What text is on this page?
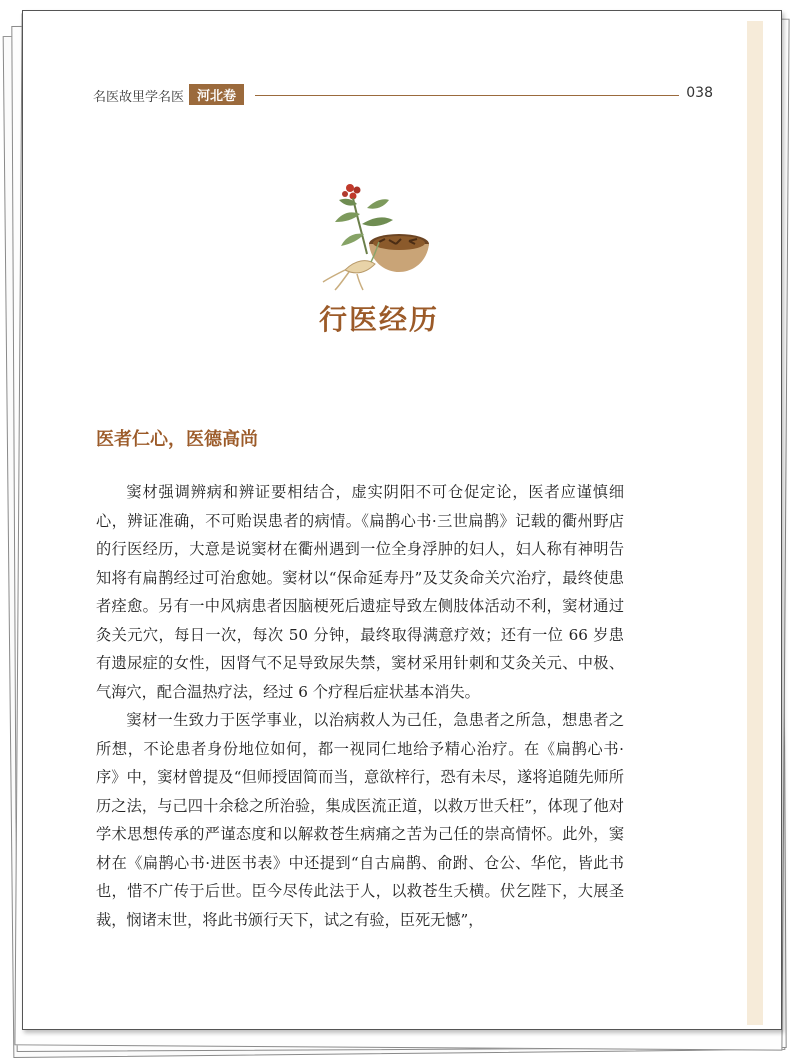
名医故里学名医 河北卷	038
行医经历
医者仁心，医德高尚

窦材强调辨病和辨证要相结合，虚实阴阳不可仓促定论，医者应谨慎细心，辨证准确，不可贻误患者的病情。《扁鹊心书·三世扁鹊》记载的衢州野店的行医经历，大意是说窦材在衢州遇到一位全身浮肿的妇人，妇人称有神明告知将有扁鹊经过可治愈她。窦材以“保命延寿丹”及艾灸命关穴治疗，最终使患者痊愈。另有一中风病患者因脑梗死后遗症导致左侧肢体活动不利，窦材通过灸关元穴，每日一次，每次 50 分钟，最终取得满意疗效；还有一位 66 岁患有遗尿症的女性，因肾气不足导致尿失禁，窦材采用针刺和艾灸关元、中极、气海穴，配合温热疗法，经过 6 个疗程后症状基本消失。

窦材一生致力于医学事业，以治病救人为己任，急患者之所急，想患者之所想，不论患者身份地位如何，都一视同仁地给予精心治疗。在《扁鹊心书·序》中，窦材曾提及“但师授固简而当，意欲梓行，恐有未尽，遂将追随先师所历之法，与己四十余稔之所治验，集成医流正道，以救万世夭枉”，体现了他对学术思想传承的严谨态度和以解救苍生病痛之苦为己任的崇高情怀。此外，窦材在《扁鹊心书·进医书表》中还提到“自古扁鹊、俞跗、仓公、华佗，皆此书也，惜不广传于后世。臣今尽传此法于人，以救苍生夭横。伏乞陛下，大展圣裁，悯诸末世，将此书颁行天下，试之有验，臣死无憾”，
